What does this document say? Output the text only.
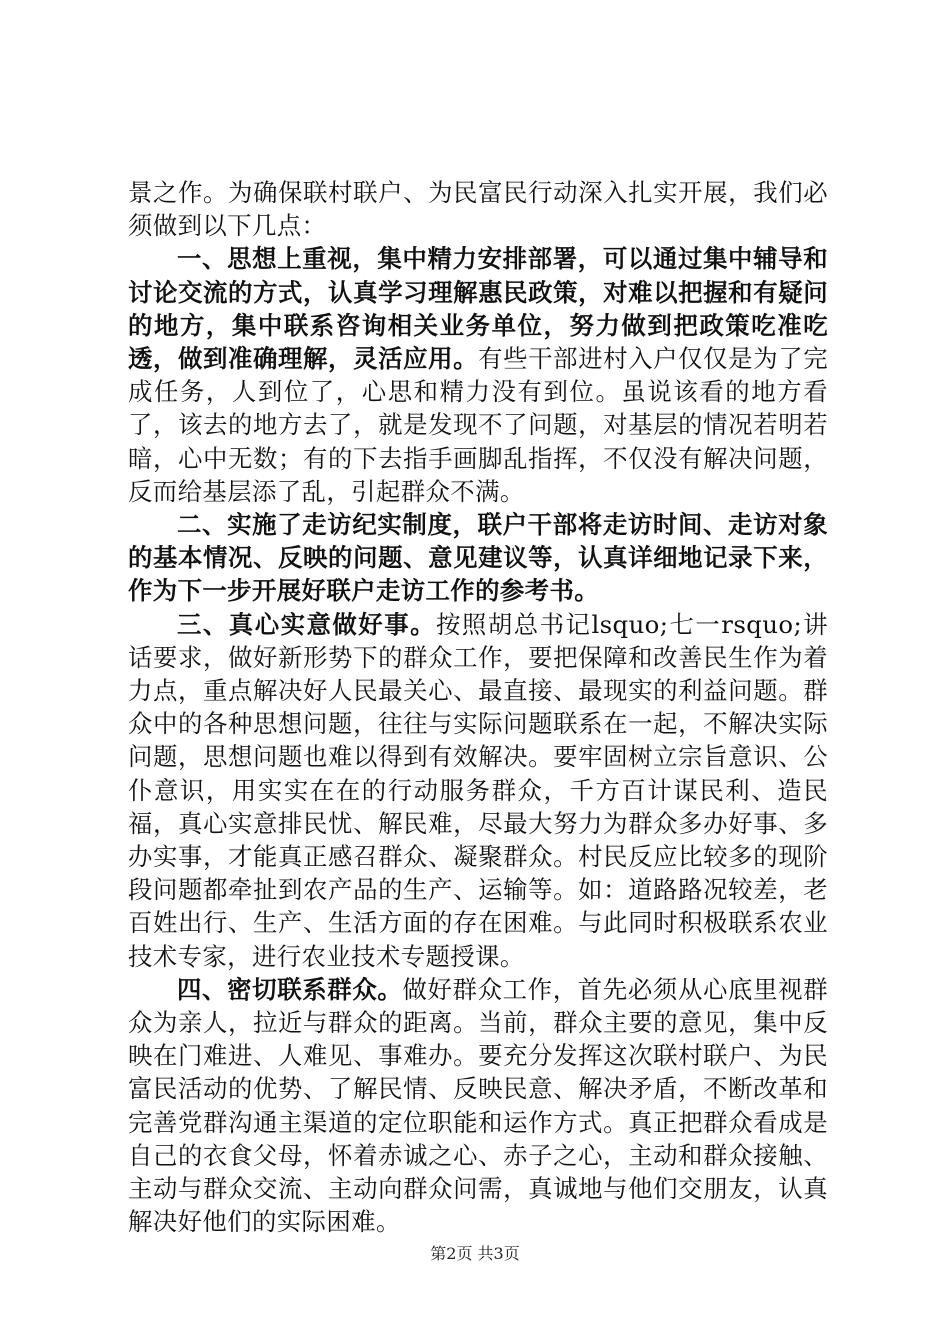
景之作。为确保联村联户、为民富民行动深入扎实开展，我们必须做到以下几点：

一、思想上重视，集中精力安排部署，可以通过集中辅导和讨论交流的方式，认真学习理解惠民政策，对难以把握和有疑问的地方，集中联系咨询相关业务单位，努力做到把政策吃准吃透，做到准确理解，灵活应用。有些干部进村入户仅仅是为了完成任务，人到位了，心思和精力没有到位。虽说该看的地方看了，该去的地方去了，就是发现不了问题，对基层的情况若明若暗，心中无数；有的下去指手画脚乱指挥，不仅没有解决问题，反而给基层添了乱，引起群众不满。

二、实施了走访纪实制度，联户干部将走访时间、走访对象的基本情况、反映的问题、意见建议等，认真详细地记录下来，作为下一步开展好联户走访工作的参考书。

三、真心实意做好事。按照胡总书记lsquo;七一rsquo;讲话要求，做好新形势下的群众工作，要把保障和改善民生作为着力点，重点解决好人民最关心、最直接、最现实的利益问题。群众中的各种思想问题，往往与实际问题联系在一起，不解决实际问题，思想问题也难以得到有效解决。要牢固树立宗旨意识、公仆意识，用实实在在的行动服务群众，千方百计谋民利、造民福，真心实意排民忧、解民难，尽最大努力为群众多办好事、多办实事，才能真正感召群众、凝聚群众。村民反应比较多的现阶段问题都牵扯到农产品的生产、运输等。如：道路路况较差，老百姓出行、生产、生活方面的存在困难。与此同时积极联系农业技术专家，进行农业技术专题授课。

四、密切联系群众。做好群众工作，首先必须从心底里视群众为亲人，拉近与群众的距离。当前，群众主要的意见，集中反映在门难进、人难见、事难办。要充分发挥这次联村联户、为民富民活动的优势、了解民情、反映民意、解决矛盾，不断改革和完善党群沟通主渠道的定位职能和运作方式。真正把群众看成是自己的衣食父母，怀着赤诚之心、赤子之心，主动和群众接触、主动与群众交流、主动向群众问需，真诚地与他们交朋友，认真解决好他们的实际困难。

第2页 共3页
